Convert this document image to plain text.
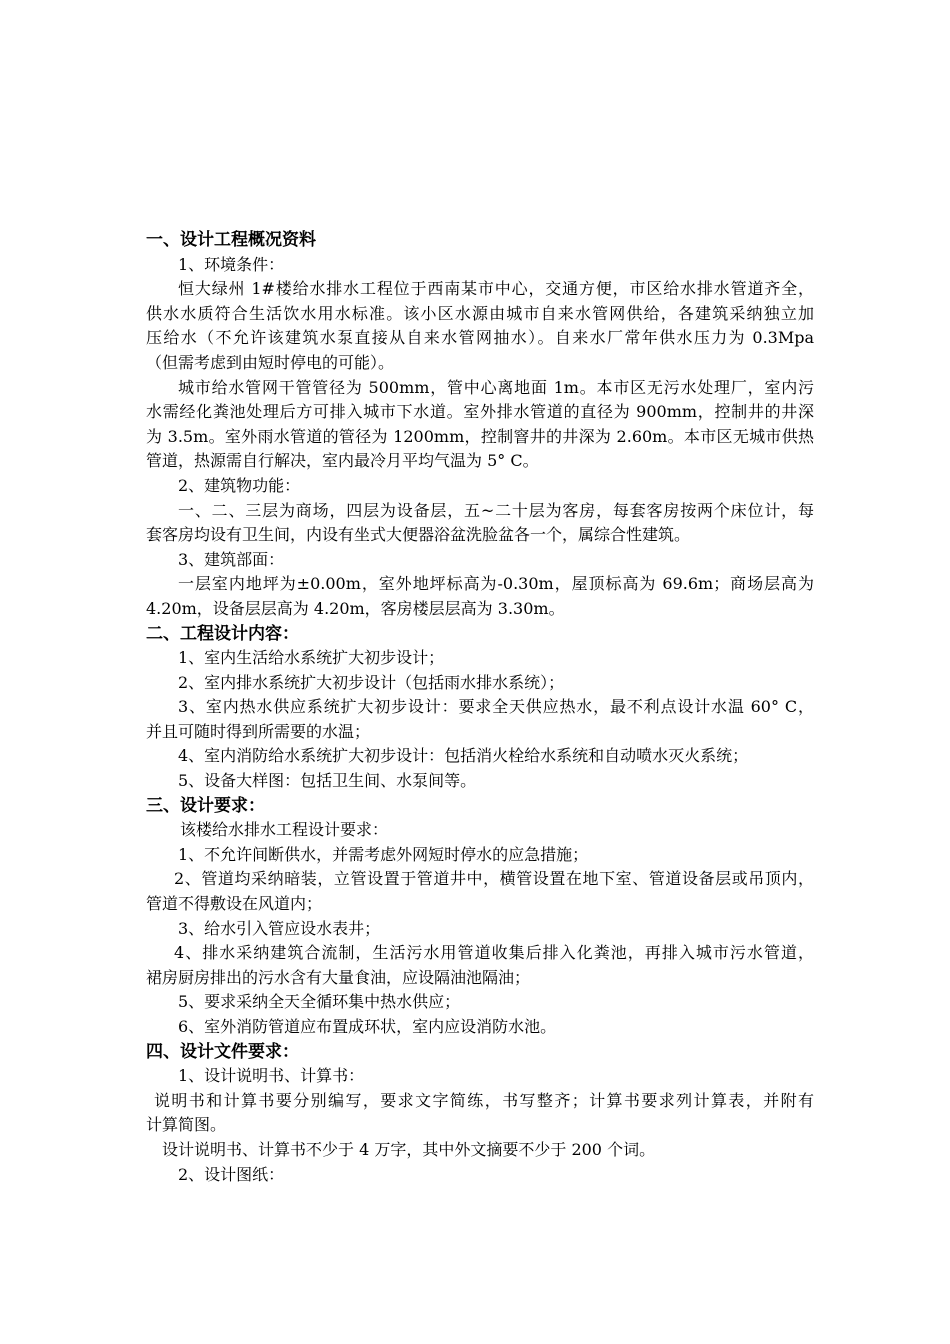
一、设计工程概况资料
1、环境条件：
恒大绿州 1#楼给水排水工程位于西南某市中心，交通方便，市区给水排水管道齐全，
供水水质符合生活饮水用水标准。该小区水源由城市自来水管网供给，各建筑采纳独立加
压给水（不允许该建筑水泵直接从自来水管网抽水）。自来水厂常年供水压力为 0.3Mpa
（但需考虑到由短时停电的可能）。
城市给水管网干管管径为 500mm，管中心离地面 1m。本市区无污水处理厂，室内污
水需经化粪池处理后方可排入城市下水道。室外排水管道的直径为 900mm，控制井的井深
为 3.5m。室外雨水管道的管径为 1200mm，控制窨井的井深为 2.60m。本市区无城市供热
管道，热源需自行解决，室内最冷月平均气温为 5° C。
2、建筑物功能：
一、二、三层为商场，四层为设备层，五~二十层为客房，每套客房按两个床位计，每
套客房均设有卫生间，内设有坐式大便器浴盆洗脸盆各一个，属综合性建筑。
3、建筑部面：
一层室内地坪为±0.00m，室外地坪标高为-0.30m，屋顶标高为 69.6m；商场层高为
4.20m，设备层层高为 4.20m，客房楼层层高为 3.30m。
二、工程设计内容：
1、室内生活给水系统扩大初步设计；
2、室内排水系统扩大初步设计（包括雨水排水系统）；
3、室内热水供应系统扩大初步设计：要求全天供应热水，最不利点设计水温 60° C，
并且可随时得到所需要的水温；
4、室内消防给水系统扩大初步设计：包括消火栓给水系统和自动喷水灭火系统；
5、设备大样图：包括卫生间、水泵间等。
三、设计要求：
该楼给水排水工程设计要求：
1、不允许间断供水，并需考虑外网短时停水的应急措施；
2、管道均采纳暗装，立管设置于管道井中，横管设置在地下室、管道设备层或吊顶内，
管道不得敷设在风道内；
3、给水引入管应设水表井；
4、排水采纳建筑合流制，生活污水用管道收集后排入化粪池，再排入城市污水管道，
裙房厨房排出的污水含有大量食油，应设隔油池隔油；
5、要求采纳全天全循环集中热水供应；
6、室外消防管道应布置成环状，室内应设消防水池。
四、设计文件要求：
1、设计说明书、计算书：
说明书和计算书要分别编写，要求文字简练，书写整齐；计算书要求列计算表，并附有
计算简图。
设计说明书、计算书不少于 4 万字，其中外文摘要不少于 200 个词。
2、设计图纸：
